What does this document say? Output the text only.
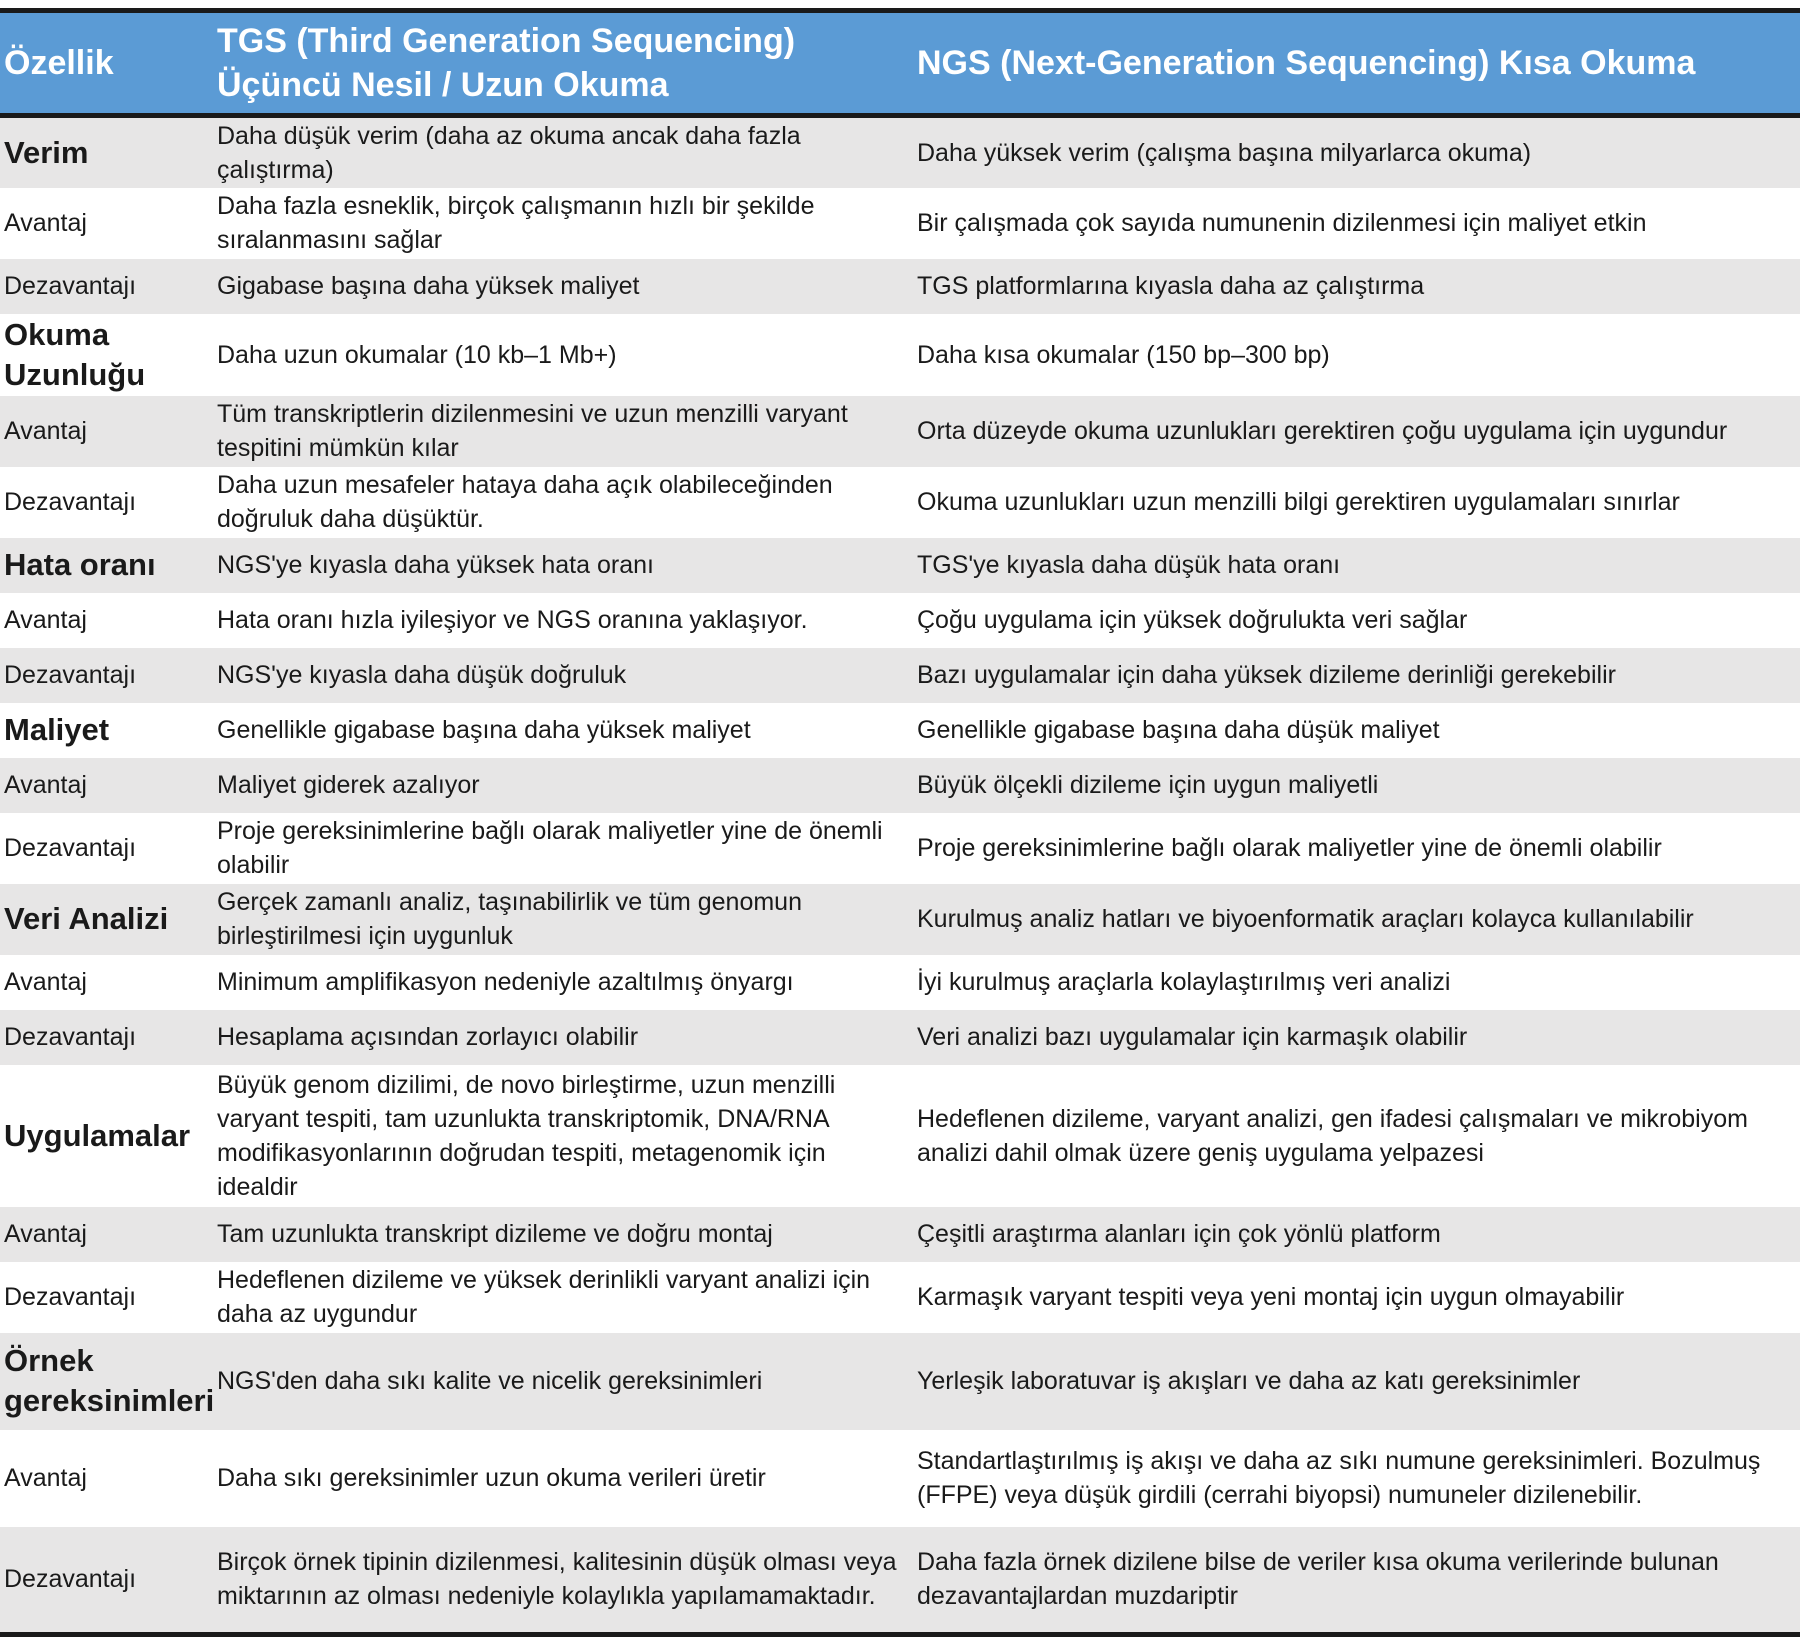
Özellik	TGS (Third Generation Sequencing) Üçüncü Nesil / Uzun Okuma	NGS (Next-Generation Sequencing) Kısa Okuma
Verim	Daha düşük verim (daha az okuma ancak daha fazla çalıştırma)	Daha yüksek verim (çalışma başına milyarlarca okuma)
Avantaj	Daha fazla esneklik, birçok çalışmanın hızlı bir şekilde sıralanmasını sağlar	Bir çalışmada çok sayıda numunenin dizilenmesi için maliyet etkin
Dezavantajı	Gigabase başına daha yüksek maliyet	TGS platformlarına kıyasla daha az çalıştırma
Okuma Uzunluğu	Daha uzun okumalar (10 kb–1 Mb+)	Daha kısa okumalar (150 bp–300 bp)
Avantaj	Tüm transkriptlerin dizilenmesini ve uzun menzilli varyant tespitini mümkün kılar	Orta düzeyde okuma uzunlukları gerektiren çoğu uygulama için uygundur
Dezavantajı	Daha uzun mesafeler hataya daha açık olabileceğinden doğruluk daha düşüktür.	Okuma uzunlukları uzun menzilli bilgi gerektiren uygulamaları sınırlar
Hata oranı	NGS'ye kıyasla daha yüksek hata oranı	TGS'ye kıyasla daha düşük hata oranı
Avantaj	Hata oranı hızla iyileşiyor ve NGS oranına yaklaşıyor.	Çoğu uygulama için yüksek doğrulukta veri sağlar
Dezavantajı	NGS'ye kıyasla daha düşük doğruluk	Bazı uygulamalar için daha yüksek dizileme derinliği gerekebilir
Maliyet	Genellikle gigabase başına daha yüksek maliyet	Genellikle gigabase başına daha düşük maliyet
Avantaj	Maliyet giderek azalıyor	Büyük ölçekli dizileme için uygun maliyetli
Dezavantajı	Proje gereksinimlerine bağlı olarak maliyetler yine de önemli olabilir	Proje gereksinimlerine bağlı olarak maliyetler yine de önemli olabilir
Veri Analizi	Gerçek zamanlı analiz, taşınabilirlik ve tüm genomun birleştirilmesi için uygunluk	Kurulmuş analiz hatları ve biyoenformatik araçları kolayca kullanılabilir
Avantaj	Minimum amplifikasyon nedeniyle azaltılmış önyargı	İyi kurulmuş araçlarla kolaylaştırılmış veri analizi
Dezavantajı	Hesaplama açısından zorlayıcı olabilir	Veri analizi bazı uygulamalar için karmaşık olabilir
Uygulamalar	Büyük genom dizilimi, de novo birleştirme, uzun menzilli varyant tespiti, tam uzunlukta transkriptomik, DNA/RNA modifikasyonlarının doğrudan tespiti, metagenomik için idealdir	Hedeflenen dizileme, varyant analizi, gen ifadesi çalışmaları ve mikrobiyom analizi dahil olmak üzere geniş uygulama yelpazesi
Avantaj	Tam uzunlukta transkript dizileme ve doğru montaj	Çeşitli araştırma alanları için çok yönlü platform
Dezavantajı	Hedeflenen dizileme ve yüksek derinlikli varyant analizi için daha az uygundur	Karmaşık varyant tespiti veya yeni montaj için uygun olmayabilir
Örnek gereksinimleri	NGS'den daha sıkı kalite ve nicelik gereksinimleri	Yerleşik laboratuvar iş akışları ve daha az katı gereksinimler
Avantaj	Daha sıkı gereksinimler uzun okuma verileri üretir	Standartlaştırılmış iş akışı ve daha az sıkı numune gereksinimleri. Bozulmuş (FFPE) veya düşük girdili (cerrahi biyopsi) numuneler dizilenebilir.
Dezavantajı	Birçok örnek tipinin dizilenmesi, kalitesinin düşük olması veya miktarının az olması nedeniyle kolaylıkla yapılamamaktadır.	Daha fazla örnek dizilene bilse de veriler kısa okuma verilerinde bulunan dezavantajlardan muzdariptir
